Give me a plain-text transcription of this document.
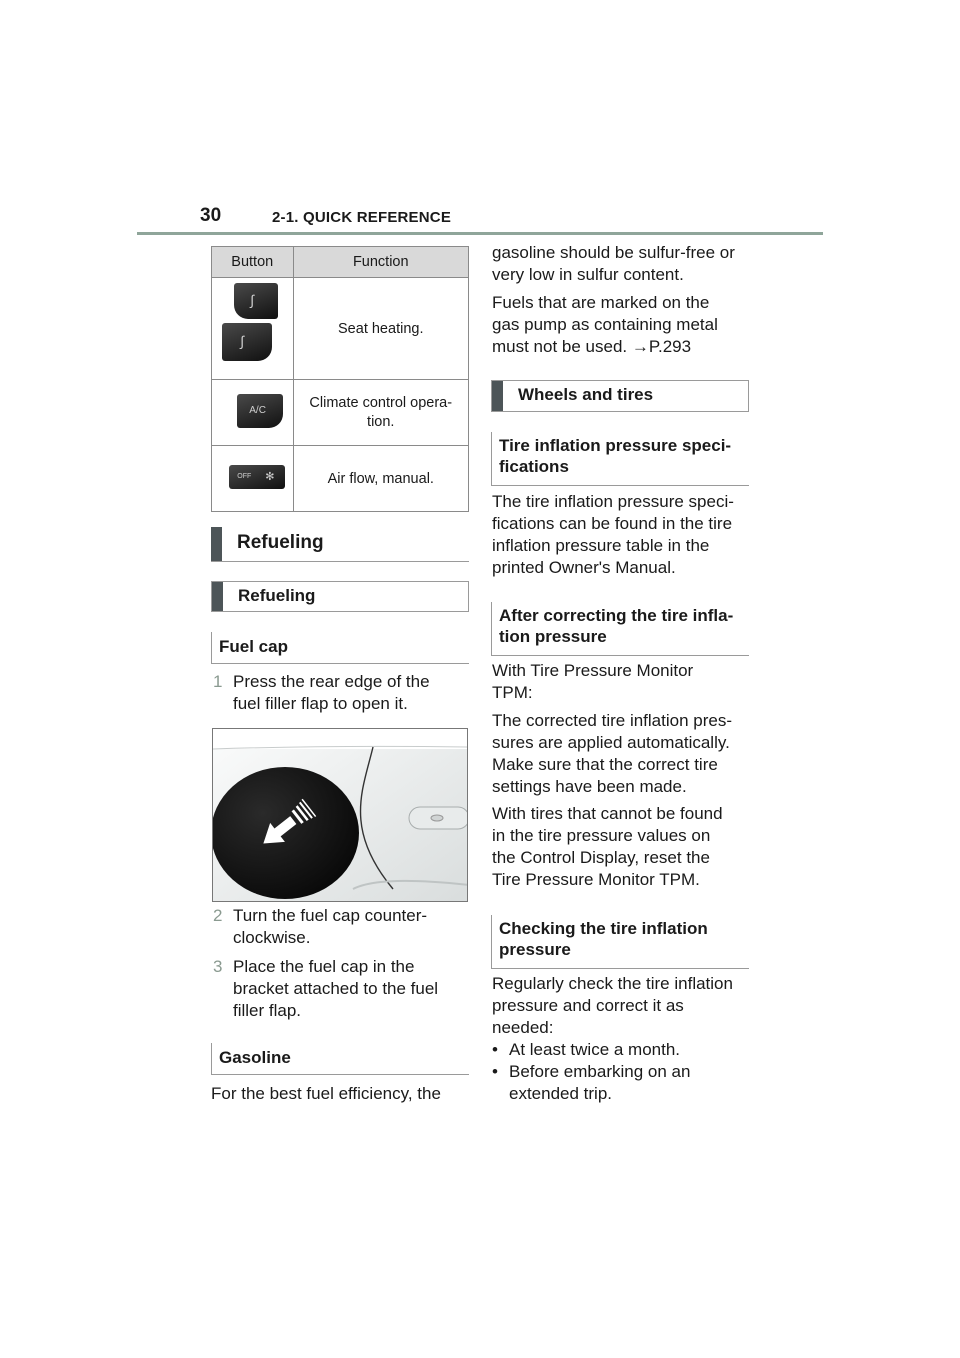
30	2-1. QUICK REFERENCE
Button	Function

∫
∫	Seat heating.

A/C	Climate control opera-
tion.

OFF ✻	Air flow, manual.
Refueling
Refueling
Fuel cap
1 Press the rear edge of the
fuel filler flap to open it.
2 Turn the fuel cap counter-
clockwise.
3 Place the fuel cap in the
bracket attached to the fuel
filler flap.
Gasoline
For the best fuel efficiency, the
gasoline should be sulfur-free or
very low in sulfur content.
Fuels that are marked on the
gas pump as containing metal
must not be used. →P.293
Wheels and tires
Tire inflation pressure speci-
fications
The tire inflation pressure speci-
fications can be found in the tire
inflation pressure table in the
printed Owner's Manual.
After correcting the tire infla-
tion pressure
With Tire Pressure Monitor
TPM:
The corrected tire inflation pres-
sures are applied automatically.
Make sure that the correct tire
settings have been made.
With tires that cannot be found
in the tire pressure values on
the Control Display, reset the
Tire Pressure Monitor TPM.
Checking the tire inflation
pressure
Regularly check the tire inflation
pressure and correct it as
needed:
• At least twice a month.
• Before embarking on an
extended trip.
